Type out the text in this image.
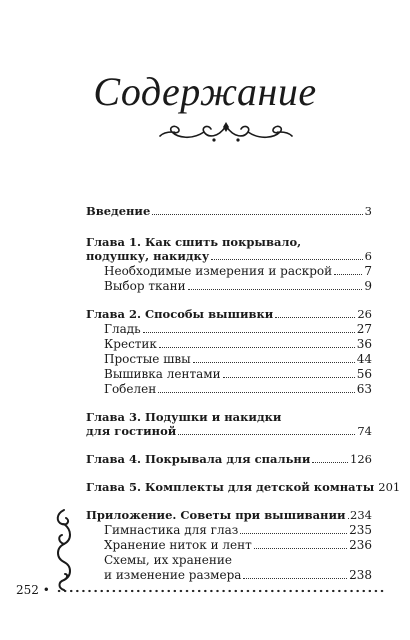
Содержание
Введение	3
Глава 1. Как сшить покрывало,
подушку, накидку	6
Необходимые измерения и раскрой	7
Выбор ткани	9
Глава 2. Способы вышивки	26
Гладь	27
Крестик	36
Простые швы	44
Вышивка лентами	56
Гобелен	63
Глава 3. Подушки и накидки
для гостиной	74
Глава 4. Покрывала для спальни	126
Глава 5. Комплекты для детской комнаты 201
Приложение. Советы при вышивании 234
Гимнастика для глаз	235
Хранение ниток и лент	236
Схемы, их хранение
и изменение размера	238
252 •
